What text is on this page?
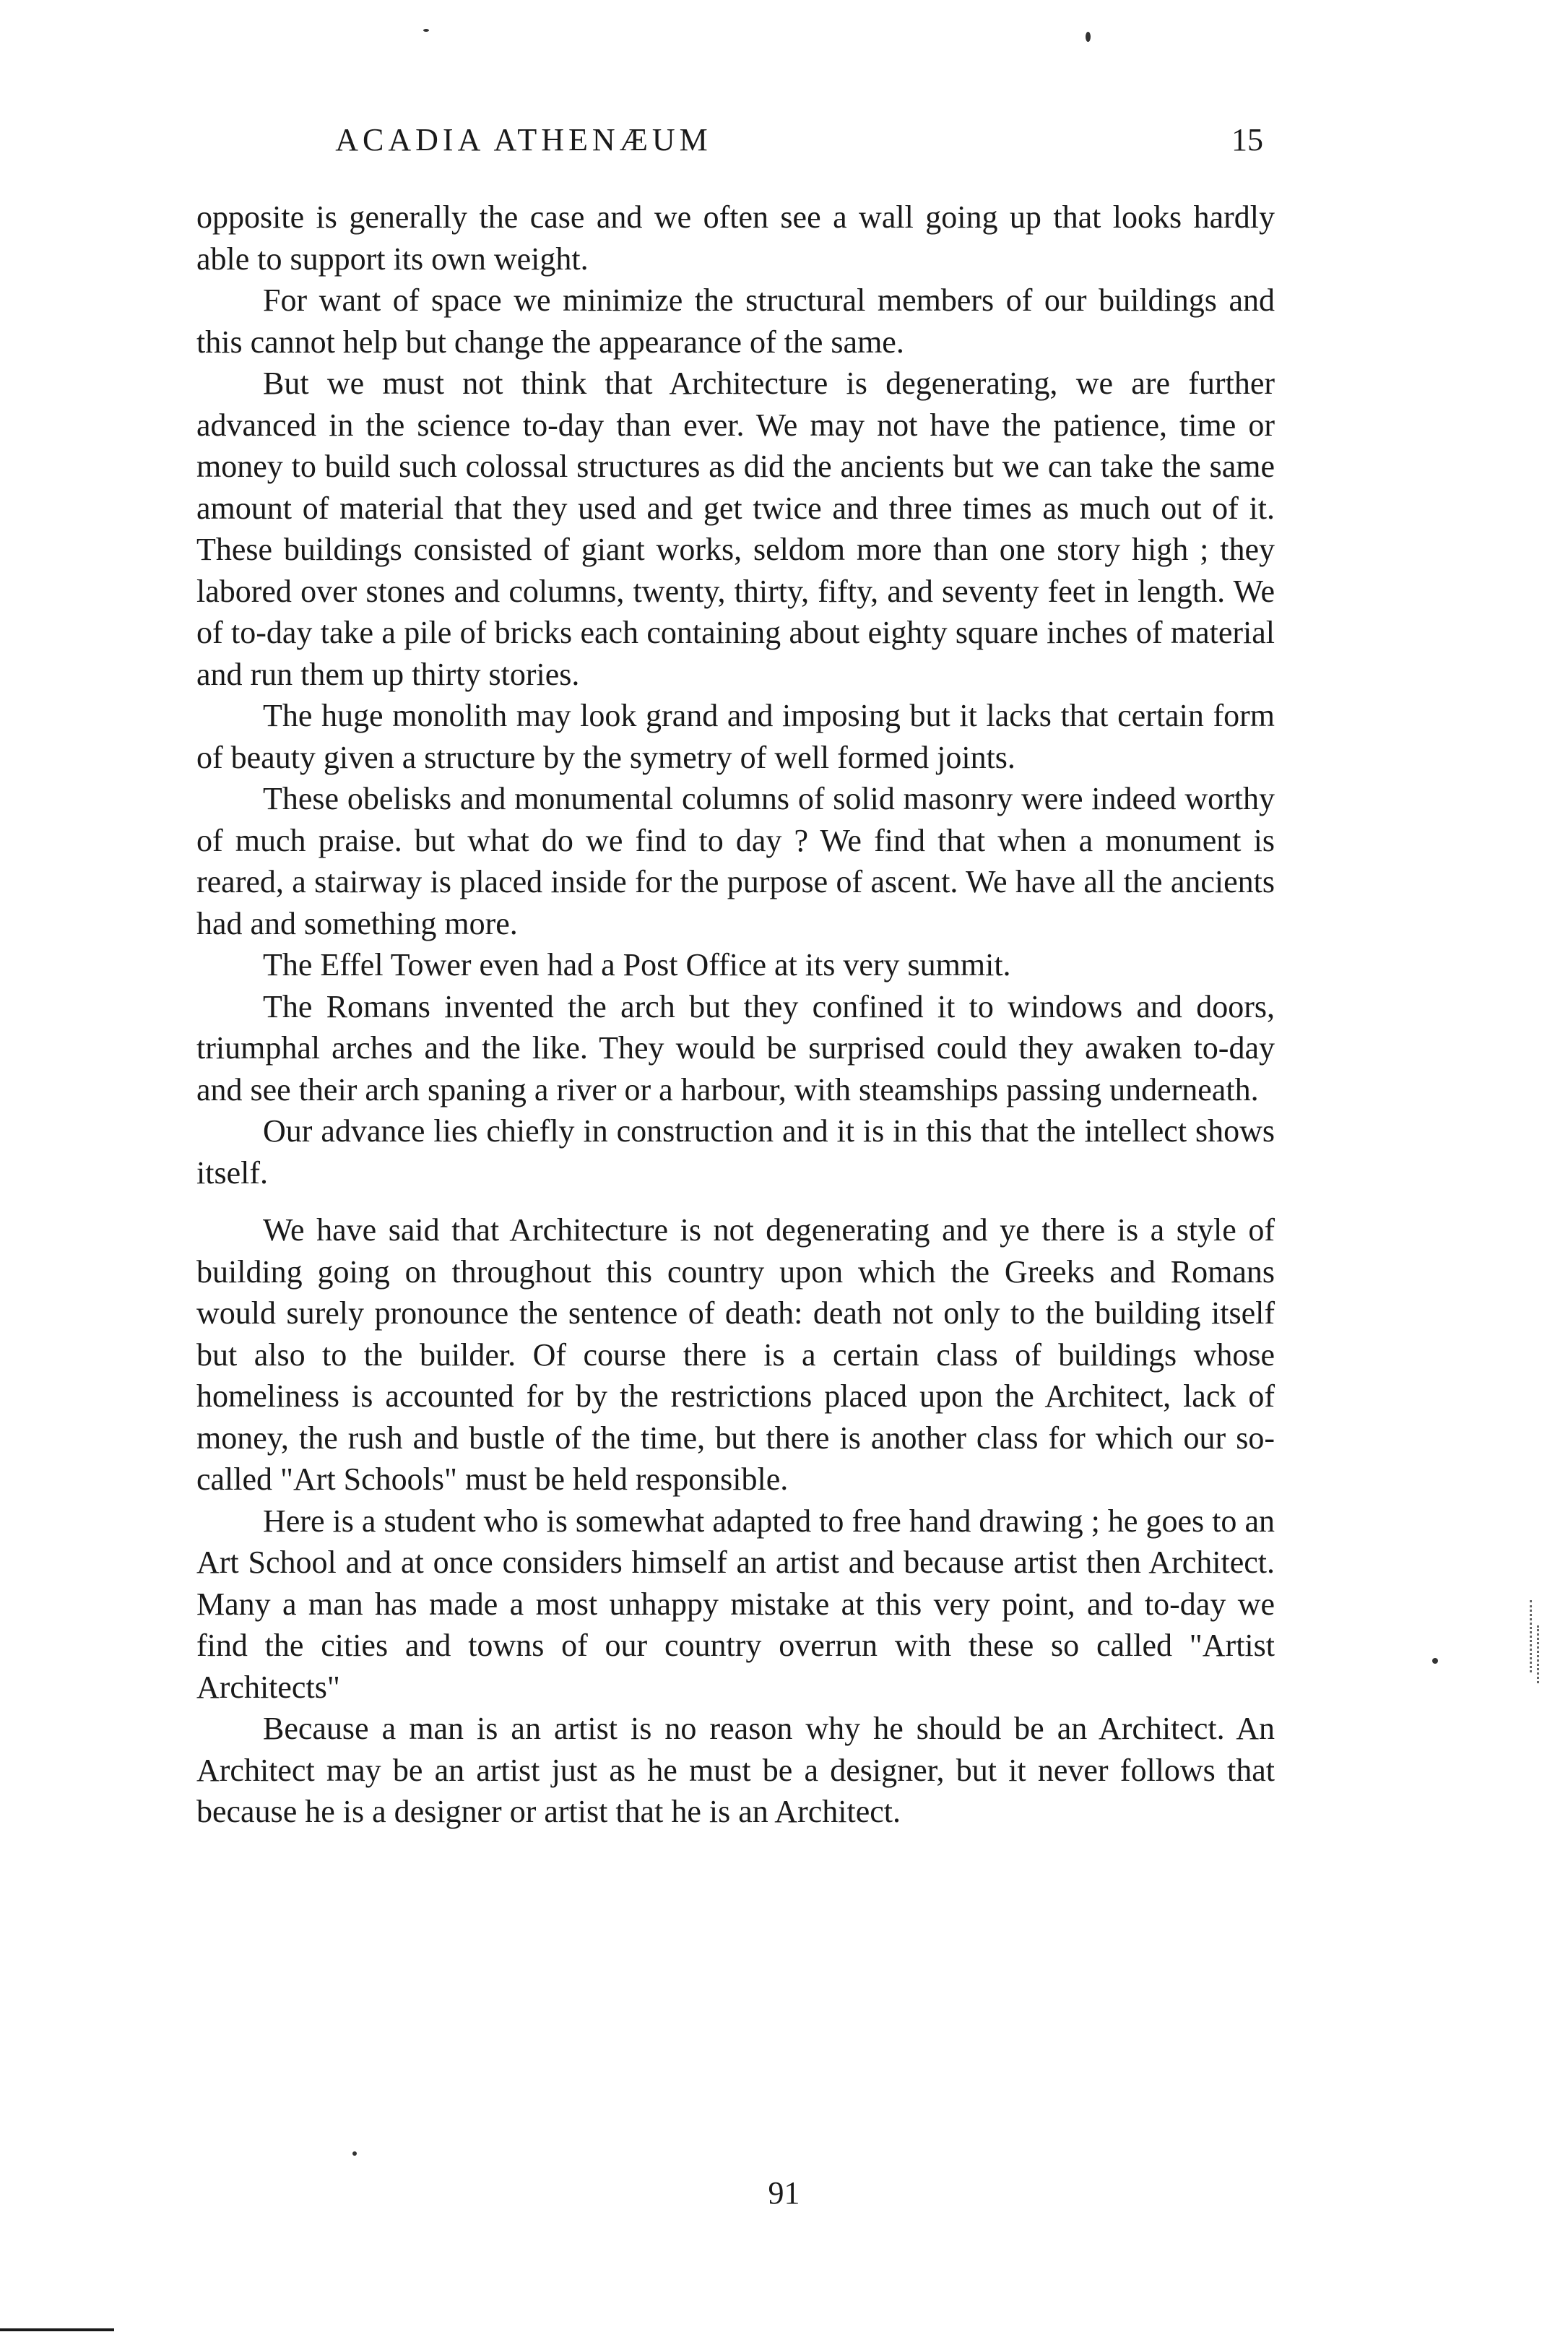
ACADIA ATHENÆUM	15

opposite is generally the case and we often see a wall going up that looks hardly able to support its own weight.

For want of space we minimize the structural members of our buildings and this cannot help but change the appearance of the same.

But we must not think that Architecture is degenerating, we are further advanced in the science to-day than ever. We may not have the patience, time or money to build such colossal structures as did the ancients but we can take the same amount of material that they used and get twice and three times as much out of it. These buildings consisted of giant works, seldom more than one story high ; they labored over stones and columns, twenty, thirty, fifty, and seventy feet in length. We of to-day take a pile of bricks each containing about eighty square inches of material and run them up thirty stories.

The huge monolith may look grand and imposing but it lacks that certain form of beauty given a structure by the symetry of well formed joints.

These obelisks and monumental columns of solid masonry were indeed worthy of much praise. but what do we find to day ? We find that when a monument is reared, a stairway is placed inside for the purpose of ascent. We have all the ancients had and something more.

The Effel Tower even had a Post Office at its very summit.

The Romans invented the arch but they confined it to windows and doors, triumphal arches and the like. They would be surprised could they awaken to-day and see their arch spaning a river or a harbour, with steamships passing underneath.

Our advance lies chiefly in construction and it is in this that the intellect shows itself.

We have said that Architecture is not degenerating and ye there is a style of building going on throughout this country upon which the Greeks and Romans would surely pronounce the sentence of death: death not only to the building itself but also to the builder. Of course there is a certain class of buildings whose homeliness is accounted for by the restrictions placed upon the Architect, lack of money, the rush and bustle of the time, but there is another class for which our so-called "Art Schools" must be held responsible.

Here is a student who is somewhat adapted to free hand drawing ; he goes to an Art School and at once considers himself an artist and because artist then Architect. Many a man has made a most unhappy mistake at this very point, and to-day we find the cities and towns of our country overrun with these so called "Artist Architects"

Because a man is an artist is no reason why he should be an Architect. An Architect may be an artist just as he must be a designer, but it never follows that because he is a designer or artist that he is an Architect.

91
